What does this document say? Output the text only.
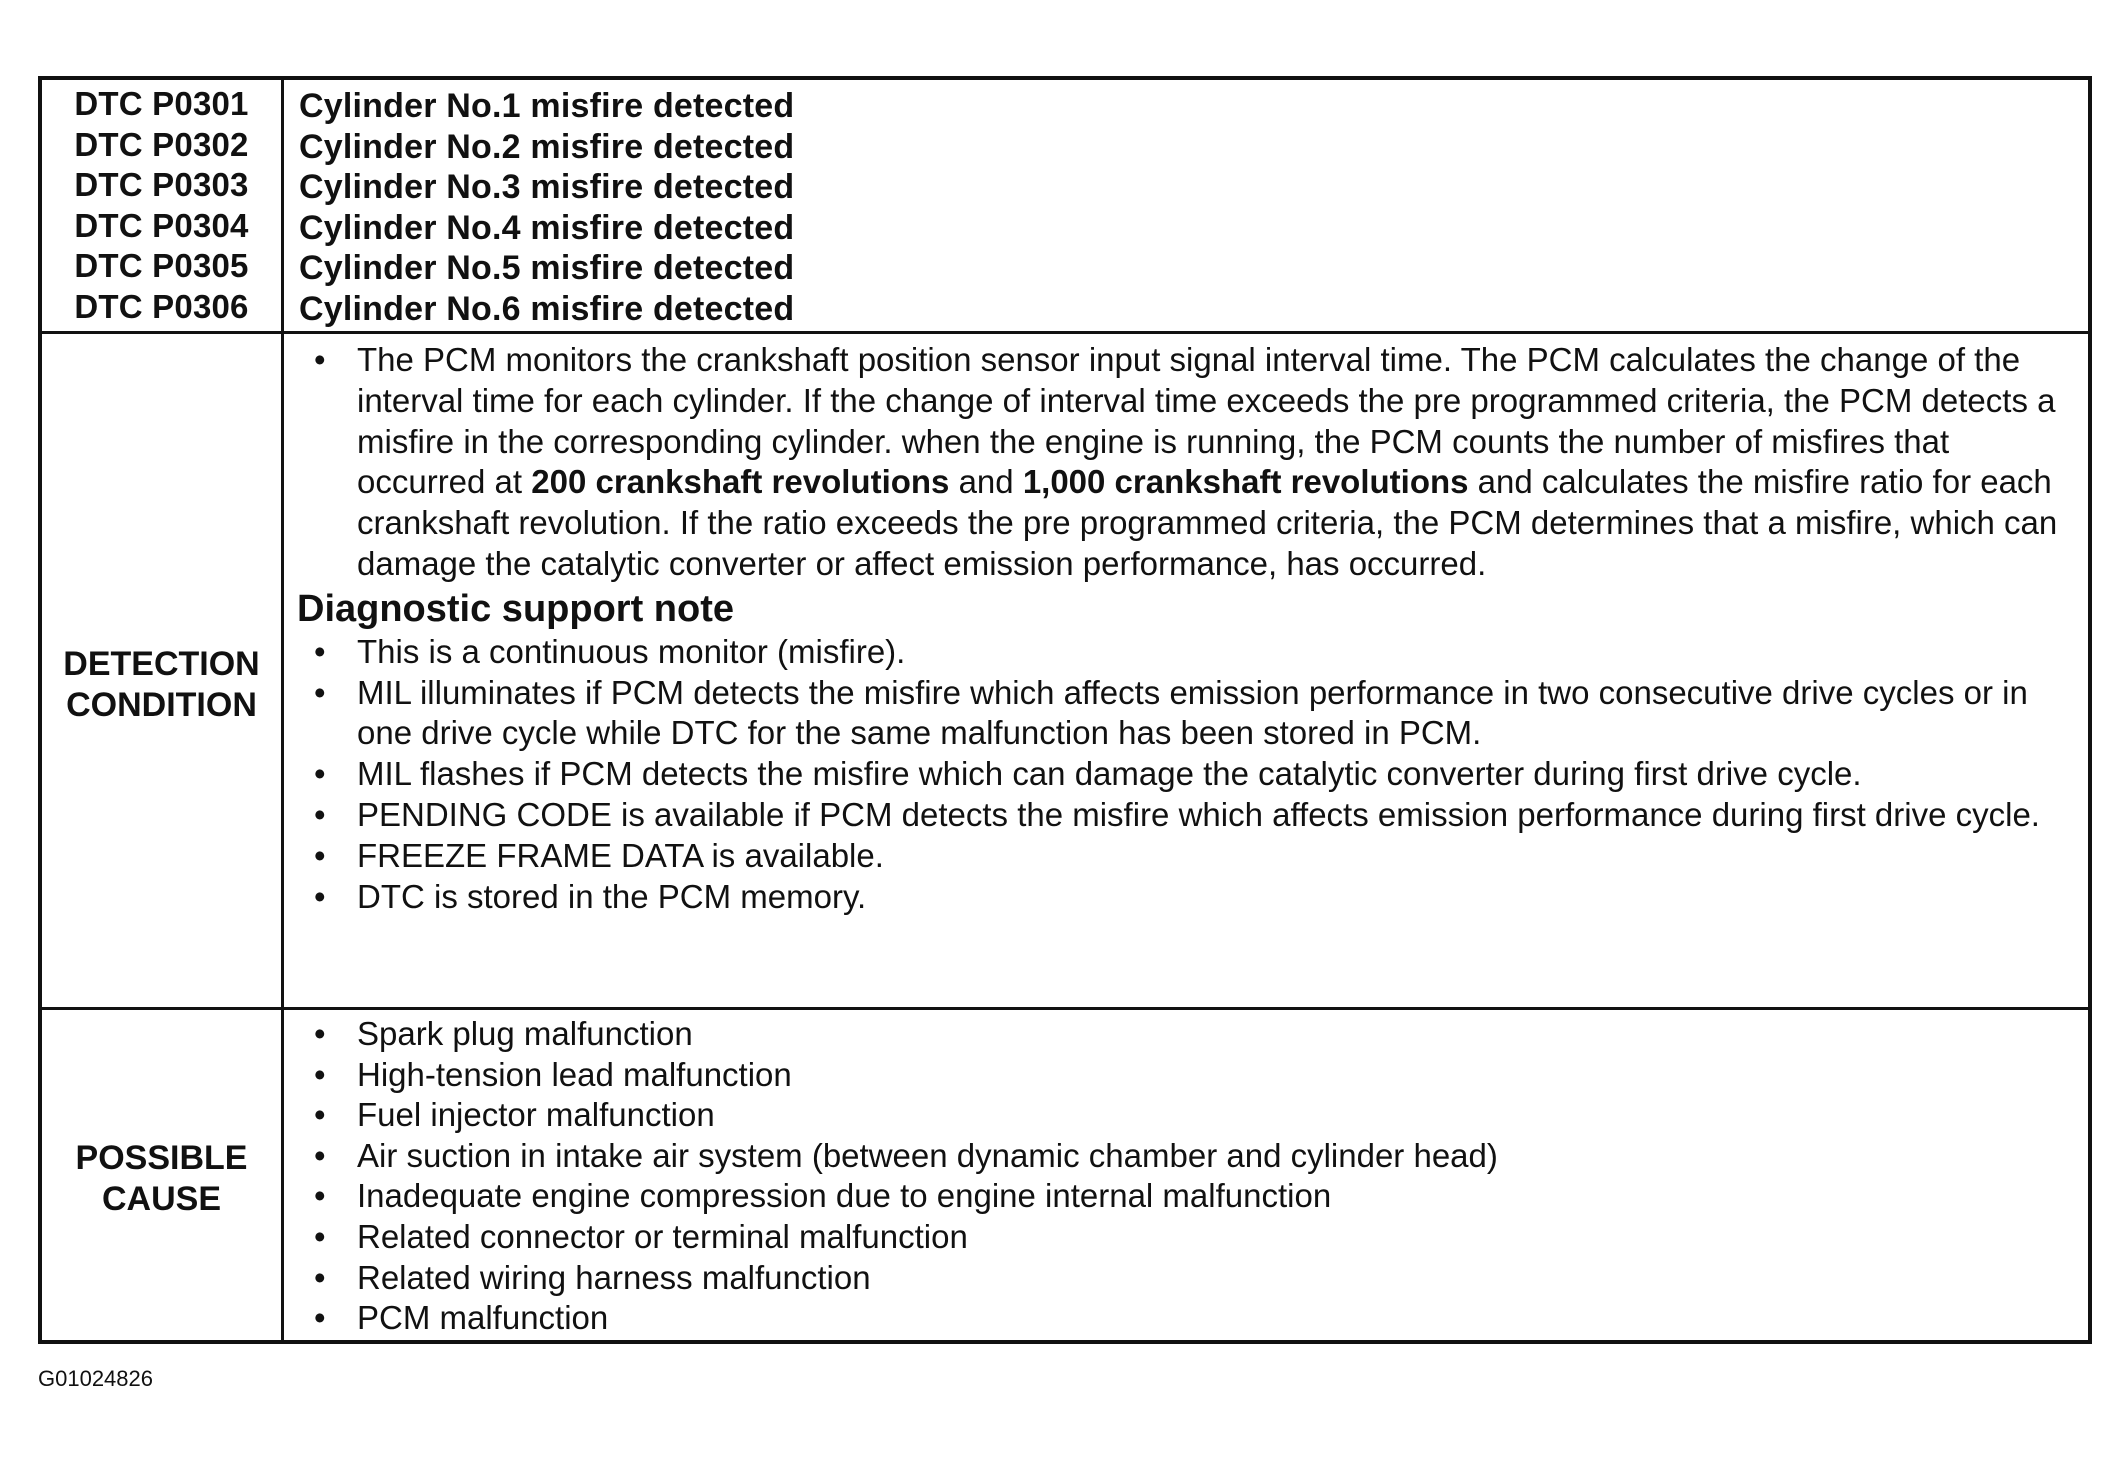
DTC P0301
DTC P0302
DTC P0303
DTC P0304
DTC P0305
DTC P0306
Cylinder No.1 misfire detected
Cylinder No.2 misfire detected
Cylinder No.3 misfire detected
Cylinder No.4 misfire detected
Cylinder No.5 misfire detected
Cylinder No.6 misfire detected
DETECTION
CONDITION
• The PCM monitors the crankshaft position sensor input signal interval time. The PCM calculates the change of the interval time for each cylinder. If the change of interval time exceeds the pre programmed criteria, the PCM detects a misfire in the corresponding cylinder. when the engine is running, the PCM counts the number of misfires that occurred at 200 crankshaft revolutions and 1,000 crankshaft revolutions and calculates the misfire ratio for each crankshaft revolution. If the ratio exceeds the pre programmed criteria, the PCM determines that a misfire, which can damage the catalytic converter or affect emission performance, has occurred.
Diagnostic support note
• This is a continuous monitor (misfire).
• MIL illuminates if PCM detects the misfire which affects emission performance in two consecutive drive cycles or in one drive cycle while DTC for the same malfunction has been stored in PCM.
• MIL flashes if PCM detects the misfire which can damage the catalytic converter during first drive cycle.
• PENDING CODE is available if PCM detects the misfire which affects emission performance during first drive cycle.
• FREEZE FRAME DATA is available.
• DTC is stored in the PCM memory.
POSSIBLE
CAUSE
• Spark plug malfunction
• High-tension lead malfunction
• Fuel injector malfunction
• Air suction in intake air system (between dynamic chamber and cylinder head)
• Inadequate engine compression due to engine internal malfunction
• Related connector or terminal malfunction
• Related wiring harness malfunction
• PCM malfunction
G01024826
